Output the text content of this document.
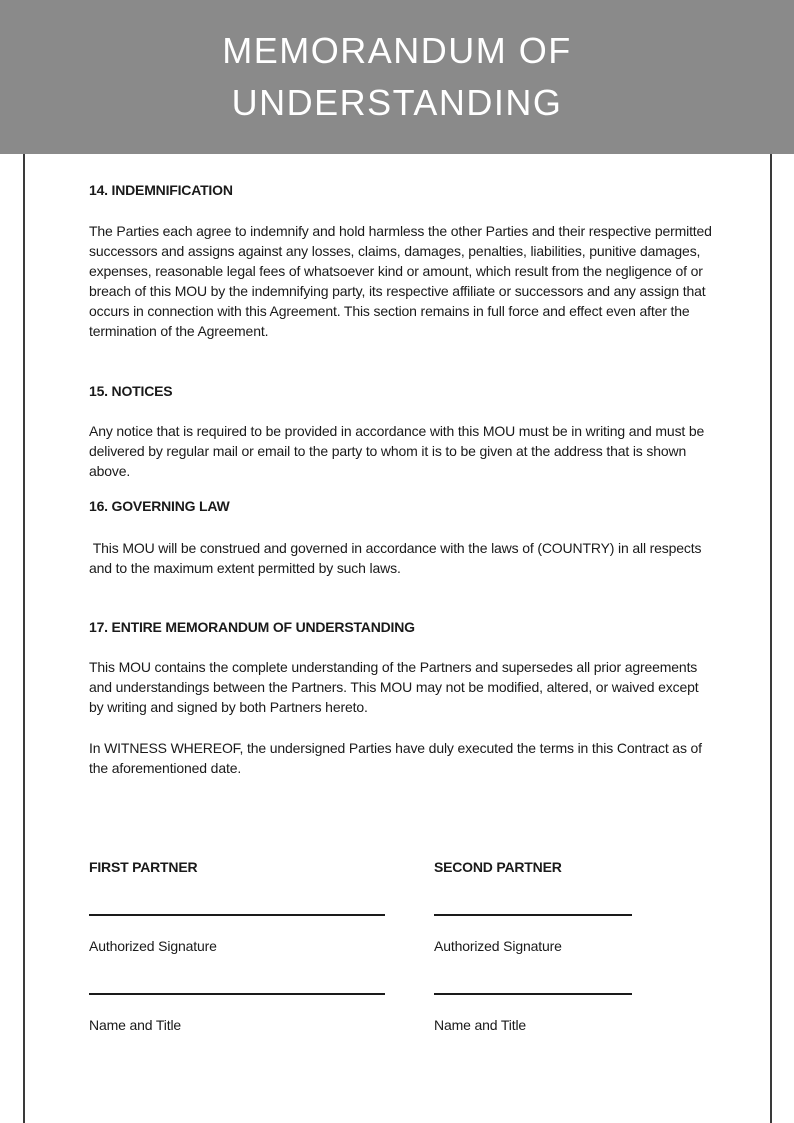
MEMORANDUM OF
UNDERSTANDING

14. INDEMNIFICATION

The Parties each agree to indemnify and hold harmless the other Parties and their respective permitted successors and assigns against any losses, claims, damages, penalties, liabilities, punitive damages, expenses, reasonable legal fees of whatsoever kind or amount, which result from the negligence of or breach of this MOU by the indemnifying party, its respective affiliate or successors and any assign that occurs in connection with this Agreement. This section remains in full force and effect even after the termination of the Agreement.

15. NOTICES

Any notice that is required to be provided in accordance with this MOU must be in writing and must be delivered by regular mail or email to the party to whom it is to be given at the address that is shown above.

16. GOVERNING LAW

This MOU will be construed and governed in accordance with the laws of (COUNTRY) in all respects and to the maximum extent permitted by such laws.

17. ENTIRE MEMORANDUM OF UNDERSTANDING

This MOU contains the complete understanding of the Partners and supersedes all prior agreements and understandings between the Partners. This MOU may not be modified, altered, or waived except by writing and signed by both Partners hereto.

In WITNESS WHEREOF, the undersigned Parties have duly executed the terms in this Contract as of the aforementioned date.

FIRST PARTNER
Authorized Signature
Name and Title
SECOND PARTNER
Authorized Signature
Name and Title
